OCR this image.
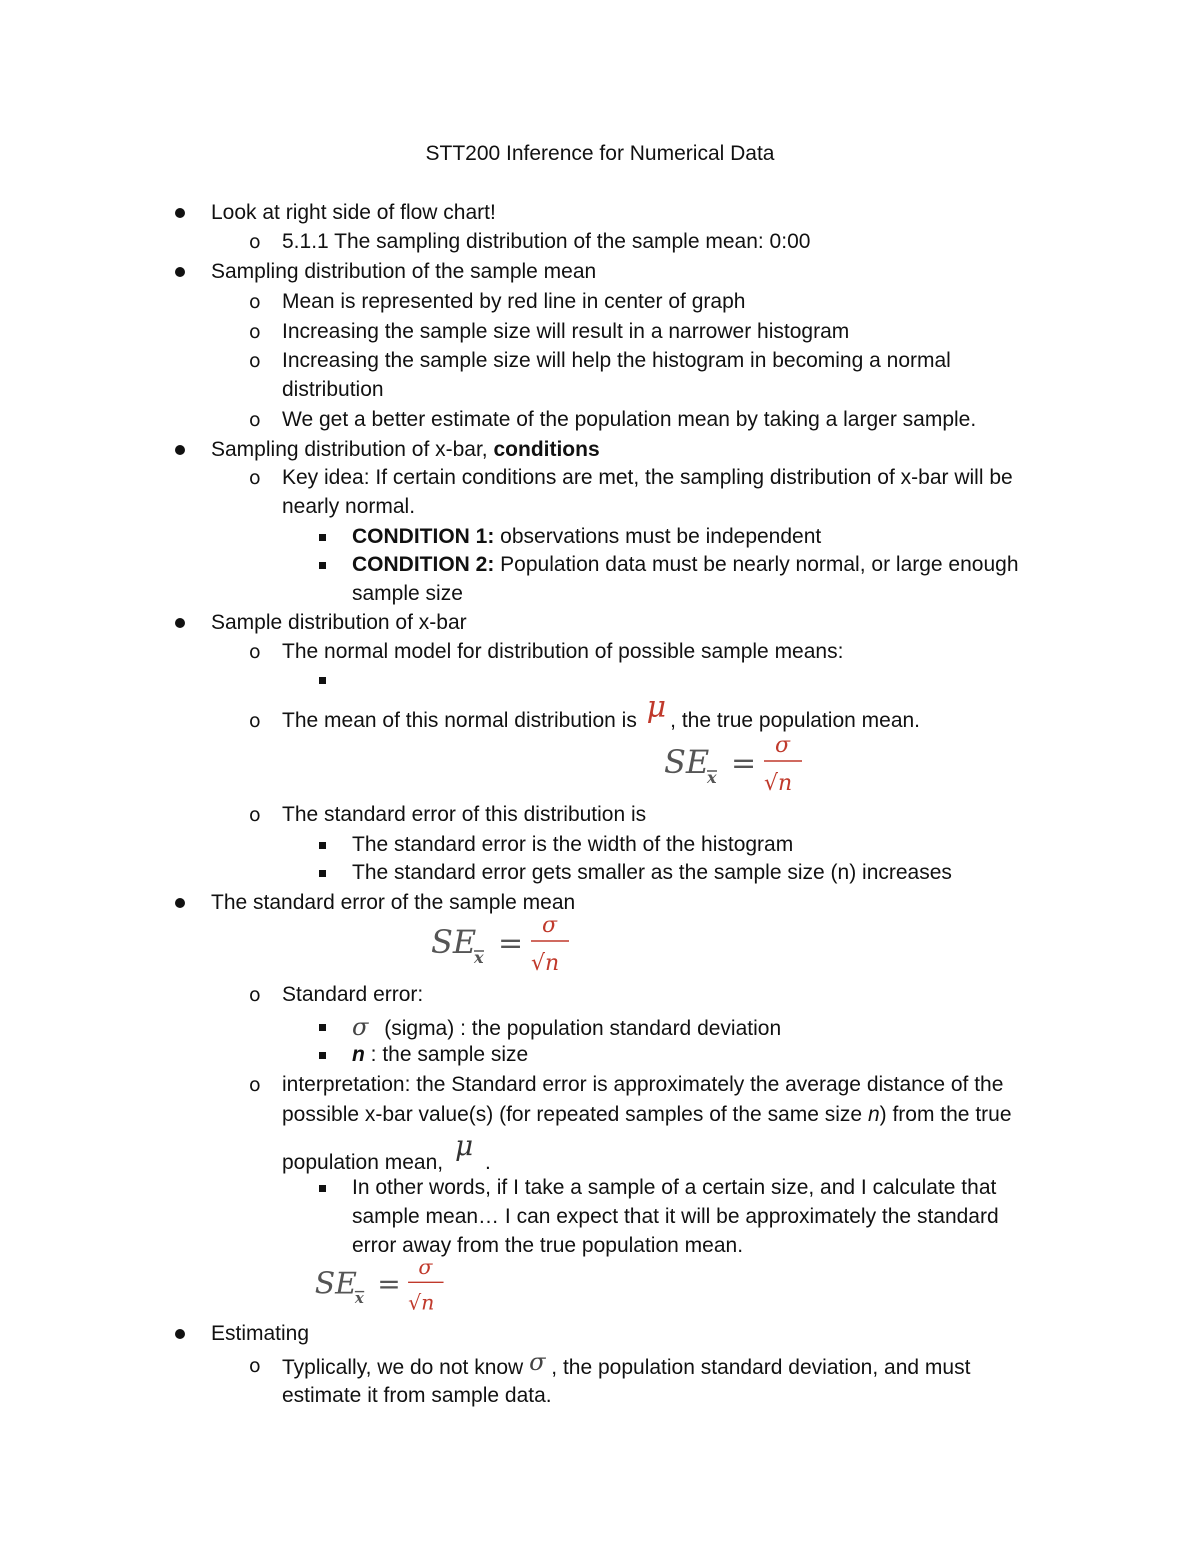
STT200 Inference for Numerical Data
Look at right side of flow chart!
o 5.1.1 The sampling distribution of the sample mean: 0:00
Sampling distribution of the sample mean
o Mean is represented by red line in center of graph
o Increasing the sample size will result in a narrower histogram
o Increasing the sample size will help the histogram in becoming a normal
distribution
o We get a better estimate of the population mean by taking a larger sample.
Sampling distribution of x-bar, conditions
o Key idea: If certain conditions are met, the sampling distribution of x-bar will be
nearly normal.
CONDITION 1: observations must be independent
CONDITION 2: Population data must be nearly normal, or large enough
sample size
Sample distribution of x-bar
o The normal model for distribution of possible sample means:
o The mean of this normal distribution is μ , the true population mean.
SE
x =
σ
√n
o The standard error of this distribution is
The standard error is the width of the histogram
The standard error gets smaller as the sample size (n) increases
The standard error of the sample mean
SE
x =
σ
√n
o Standard error:
σ (sigma) : the population standard deviation
n : the sample size
o interpretation: the Standard error is approximately the average distance of the
possible x-bar value(s) (for repeated samples of the same size n) from the true
population mean, μ .
In other words, if I take a sample of a certain size, and I calculate that
sample mean… I can expect that it will be approximately the standard
error away from the true population mean.
SE
x =
σ
√n
Estimating
o Typlically, we do not know σ , the population standard deviation, and must
estimate it from sample data.
